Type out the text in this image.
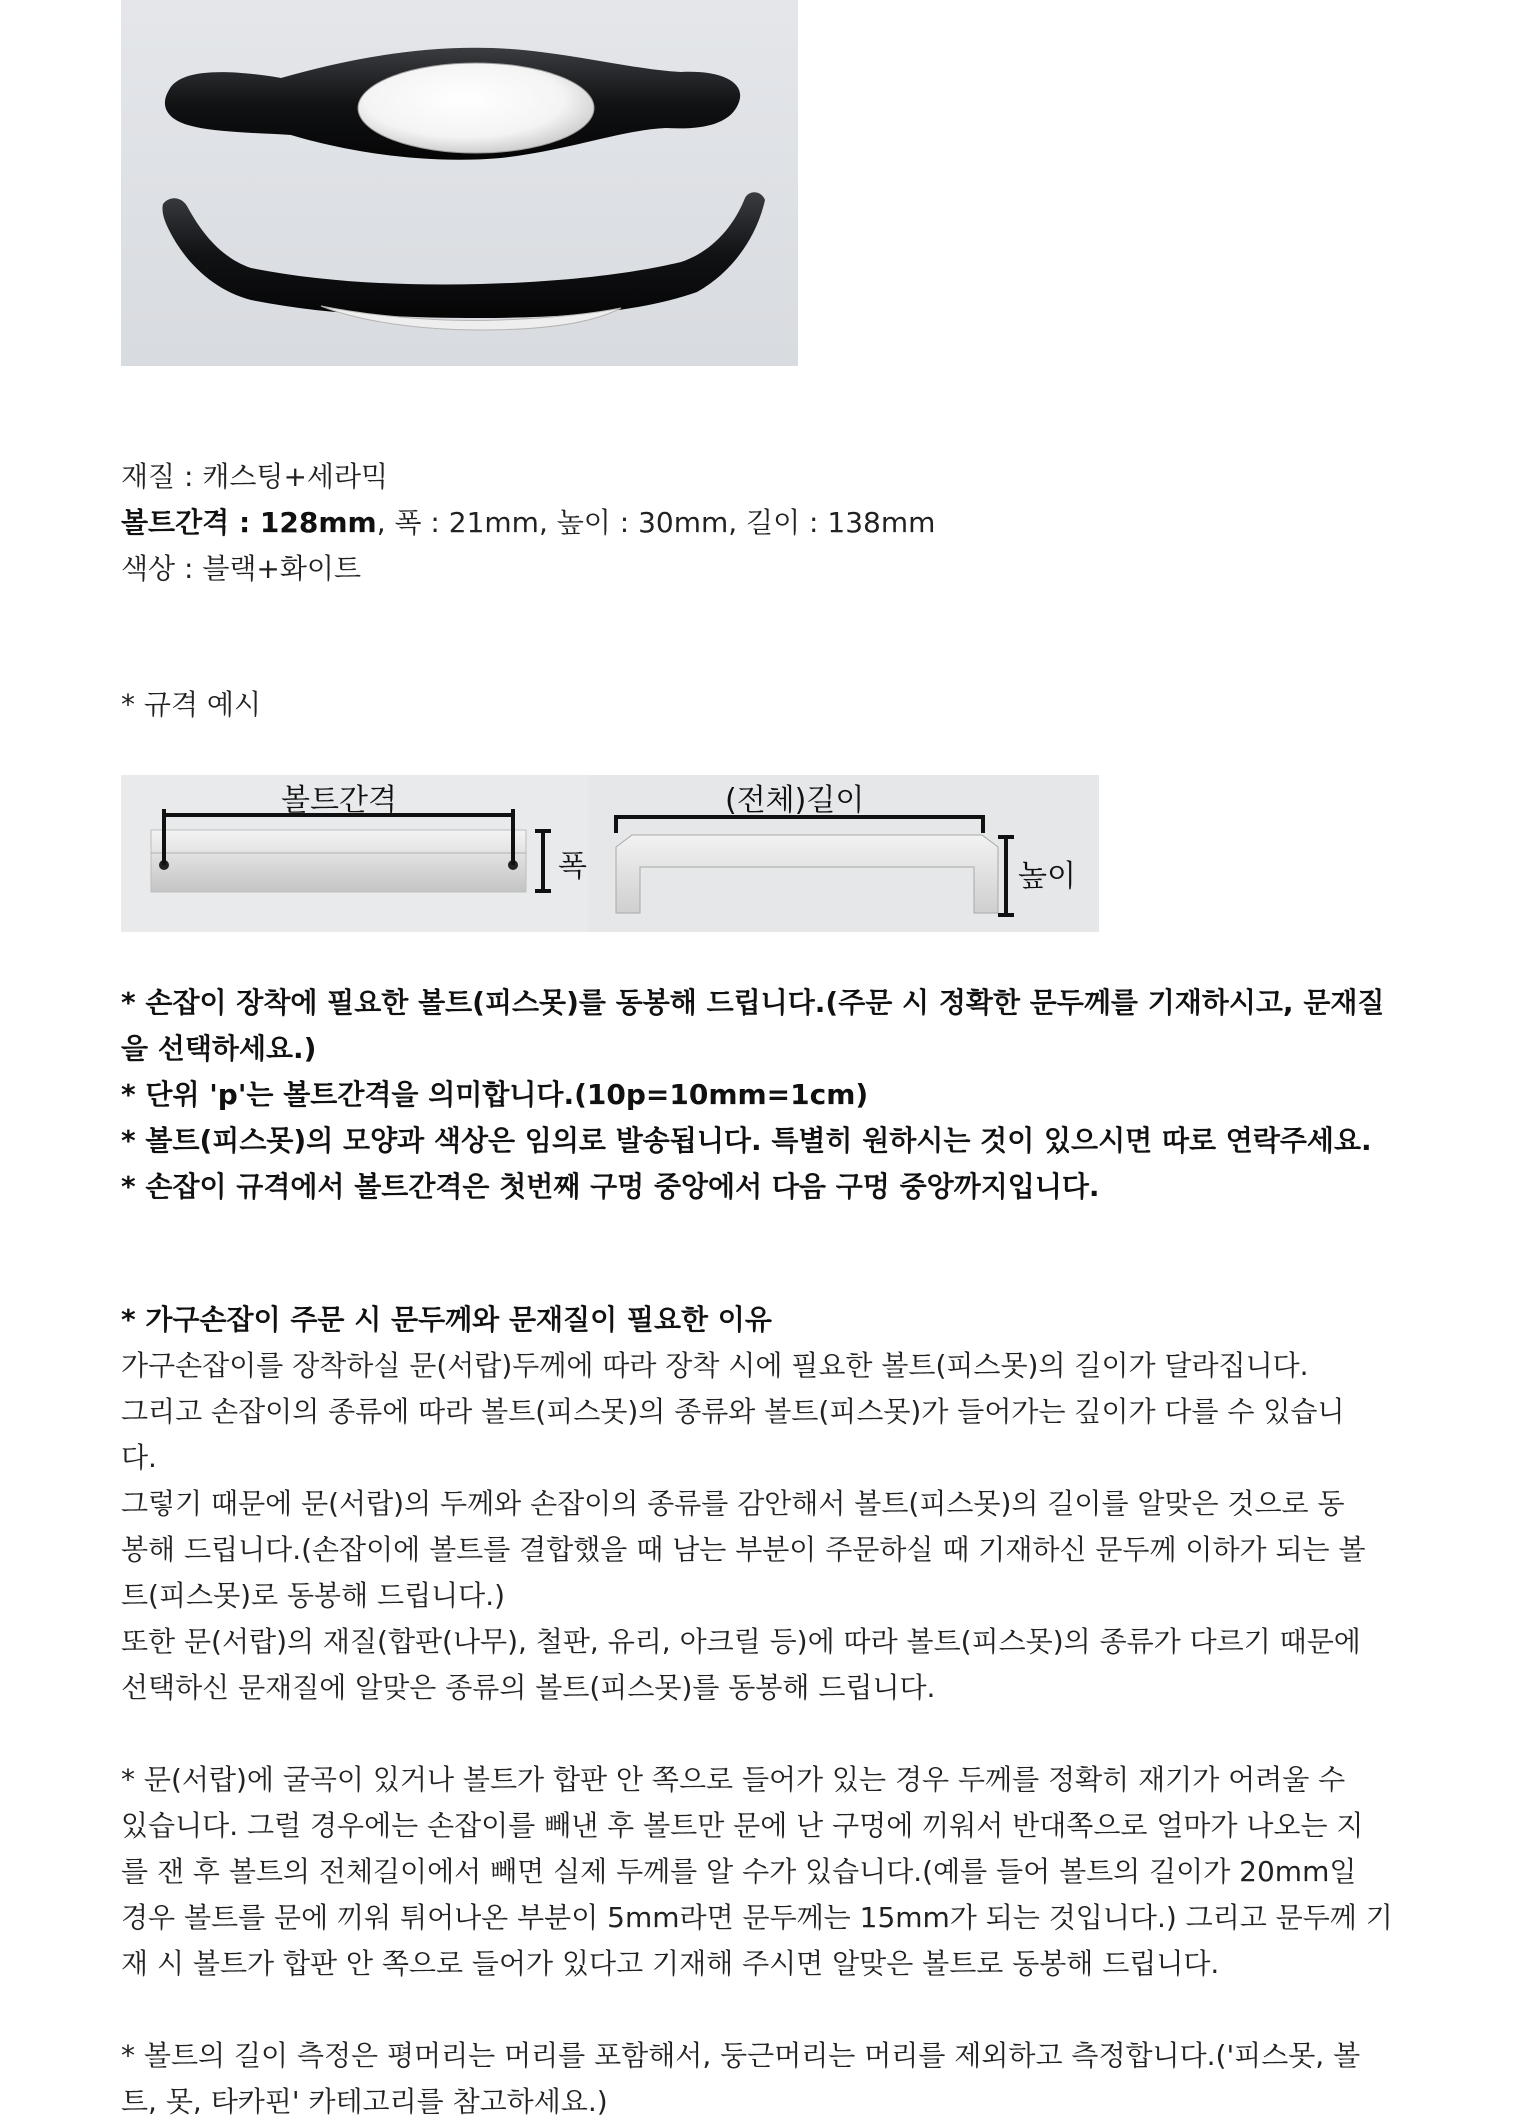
재질 : 캐스팅+세라믹
볼트간격 : 128mm, 폭 : 21mm, 높이 : 30mm, 길이 : 138mm
색상 : 블랙+화이트
* 규격 예시
볼트간격
폭
(전체)길이
높이
* 손잡이 장착에 필요한 볼트(피스못)를 동봉해 드립니다.(주문 시 정확한 문두께를 기재하시고, 문재질
을 선택하세요.)
* 단위 'p'는 볼트간격을 의미합니다.(10p=10mm=1cm)
* 볼트(피스못)의 모양과 색상은 임의로 발송됩니다. 특별히 원하시는 것이 있으시면 따로 연락주세요.
* 손잡이 규격에서 볼트간격은 첫번째 구멍 중앙에서 다음 구멍 중앙까지입니다.
* 가구손잡이 주문 시 문두께와 문재질이 필요한 이유
가구손잡이를 장착하실 문(서랍)두께에 따라 장착 시에 필요한 볼트(피스못)의 길이가 달라집니다.
그리고 손잡이의 종류에 따라 볼트(피스못)의 종류와 볼트(피스못)가 들어가는 깊이가 다를 수 있습니
다.
그렇기 때문에 문(서랍)의 두께와 손잡이의 종류를 감안해서 볼트(피스못)의 길이를 알맞은 것으로 동
봉해 드립니다.(손잡이에 볼트를 결합했을 때 남는 부분이 주문하실 때 기재하신 문두께 이하가 되는 볼
트(피스못)로 동봉해 드립니다.)
또한 문(서랍)의 재질(합판(나무), 철판, 유리, 아크릴 등)에 따라 볼트(피스못)의 종류가 다르기 때문에
선택하신 문재질에 알맞은 종류의 볼트(피스못)를 동봉해 드립니다.
* 문(서랍)에 굴곡이 있거나 볼트가 합판 안 쪽으로 들어가 있는 경우 두께를 정확히 재기가 어려울 수
있습니다. 그럴 경우에는 손잡이를 빼낸 후 볼트만 문에 난 구멍에 끼워서 반대쪽으로 얼마가 나오는 지
를 잰 후 볼트의 전체길이에서 빼면 실제 두께를 알 수가 있습니다.(예를 들어 볼트의 길이가 20mm일
경우 볼트를 문에 끼워 튀어나온 부분이 5mm라면 문두께는 15mm가 되는 것입니다.) 그리고 문두께 기
재 시 볼트가 합판 안 쪽으로 들어가 있다고 기재해 주시면 알맞은 볼트로 동봉해 드립니다.
* 볼트의 길이 측정은 평머리는 머리를 포함해서, 둥근머리는 머리를 제외하고 측정합니다.('피스못, 볼
트, 못, 타카핀' 카테고리를 참고하세요.)
